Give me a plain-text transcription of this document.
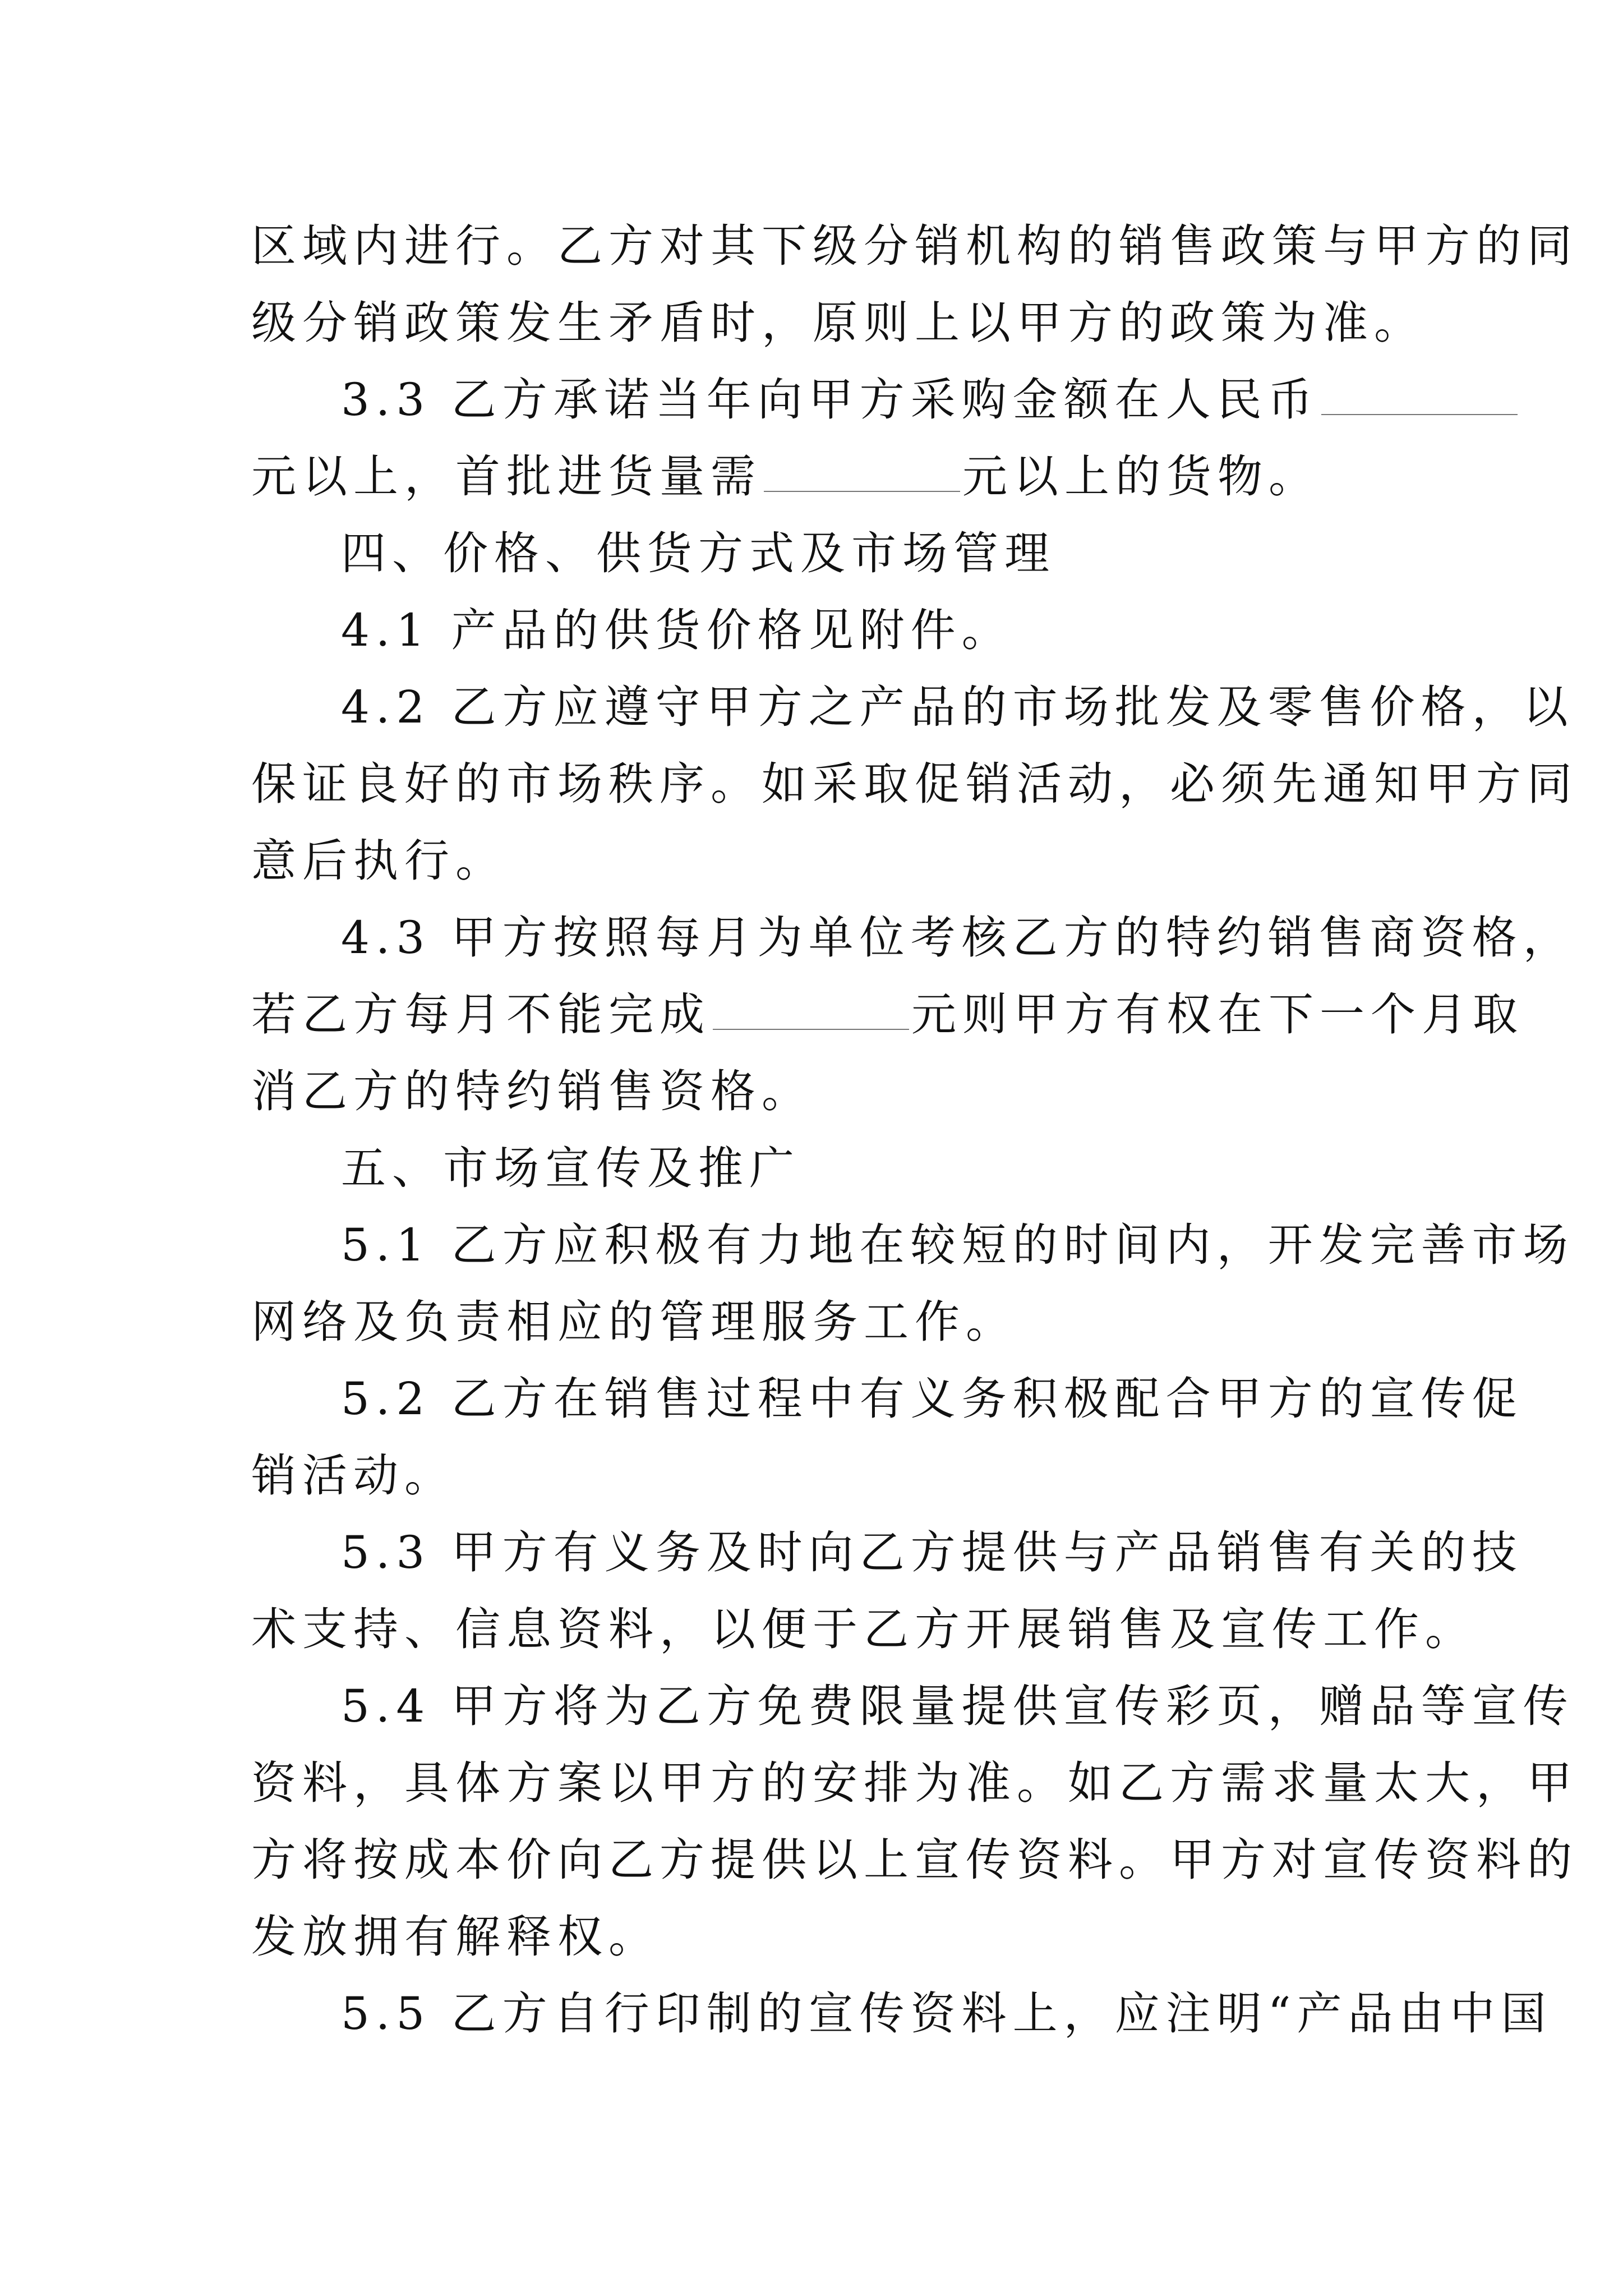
区域内进行。乙方对其下级分销机构的销售政策与甲方的同
级分销政策发生矛盾时，原则上以甲方的政策为准。
3.3 乙方承诺当年向甲方采购金额在人民币
元以上，首批进货量需	元以上的货物。
四、价格、供货方式及市场管理
4.1 产品的供货价格见附件。
4.2 乙方应遵守甲方之产品的市场批发及零售价格，以
保证良好的市场秩序。如采取促销活动，必须先通知甲方同
意后执行。
4.3 甲方按照每月为单位考核乙方的特约销售商资格，
若乙方每月不能完成	元则甲方有权在下一个月取
消乙方的特约销售资格。
五、市场宣传及推广
5.1 乙方应积极有力地在较短的时间内，开发完善市场
网络及负责相应的管理服务工作。
5.2 乙方在销售过程中有义务积极配合甲方的宣传促
销活动。
5.3 甲方有义务及时向乙方提供与产品销售有关的技
术支持、信息资料，以便于乙方开展销售及宣传工作。
5.4 甲方将为乙方免费限量提供宣传彩页，赠品等宣传
资料，具体方案以甲方的安排为准。如乙方需求量太大，甲
方将按成本价向乙方提供以上宣传资料。甲方对宣传资料的
发放拥有解释权。
5.5 乙方自行印制的宣传资料上，应注明“产品由中国
